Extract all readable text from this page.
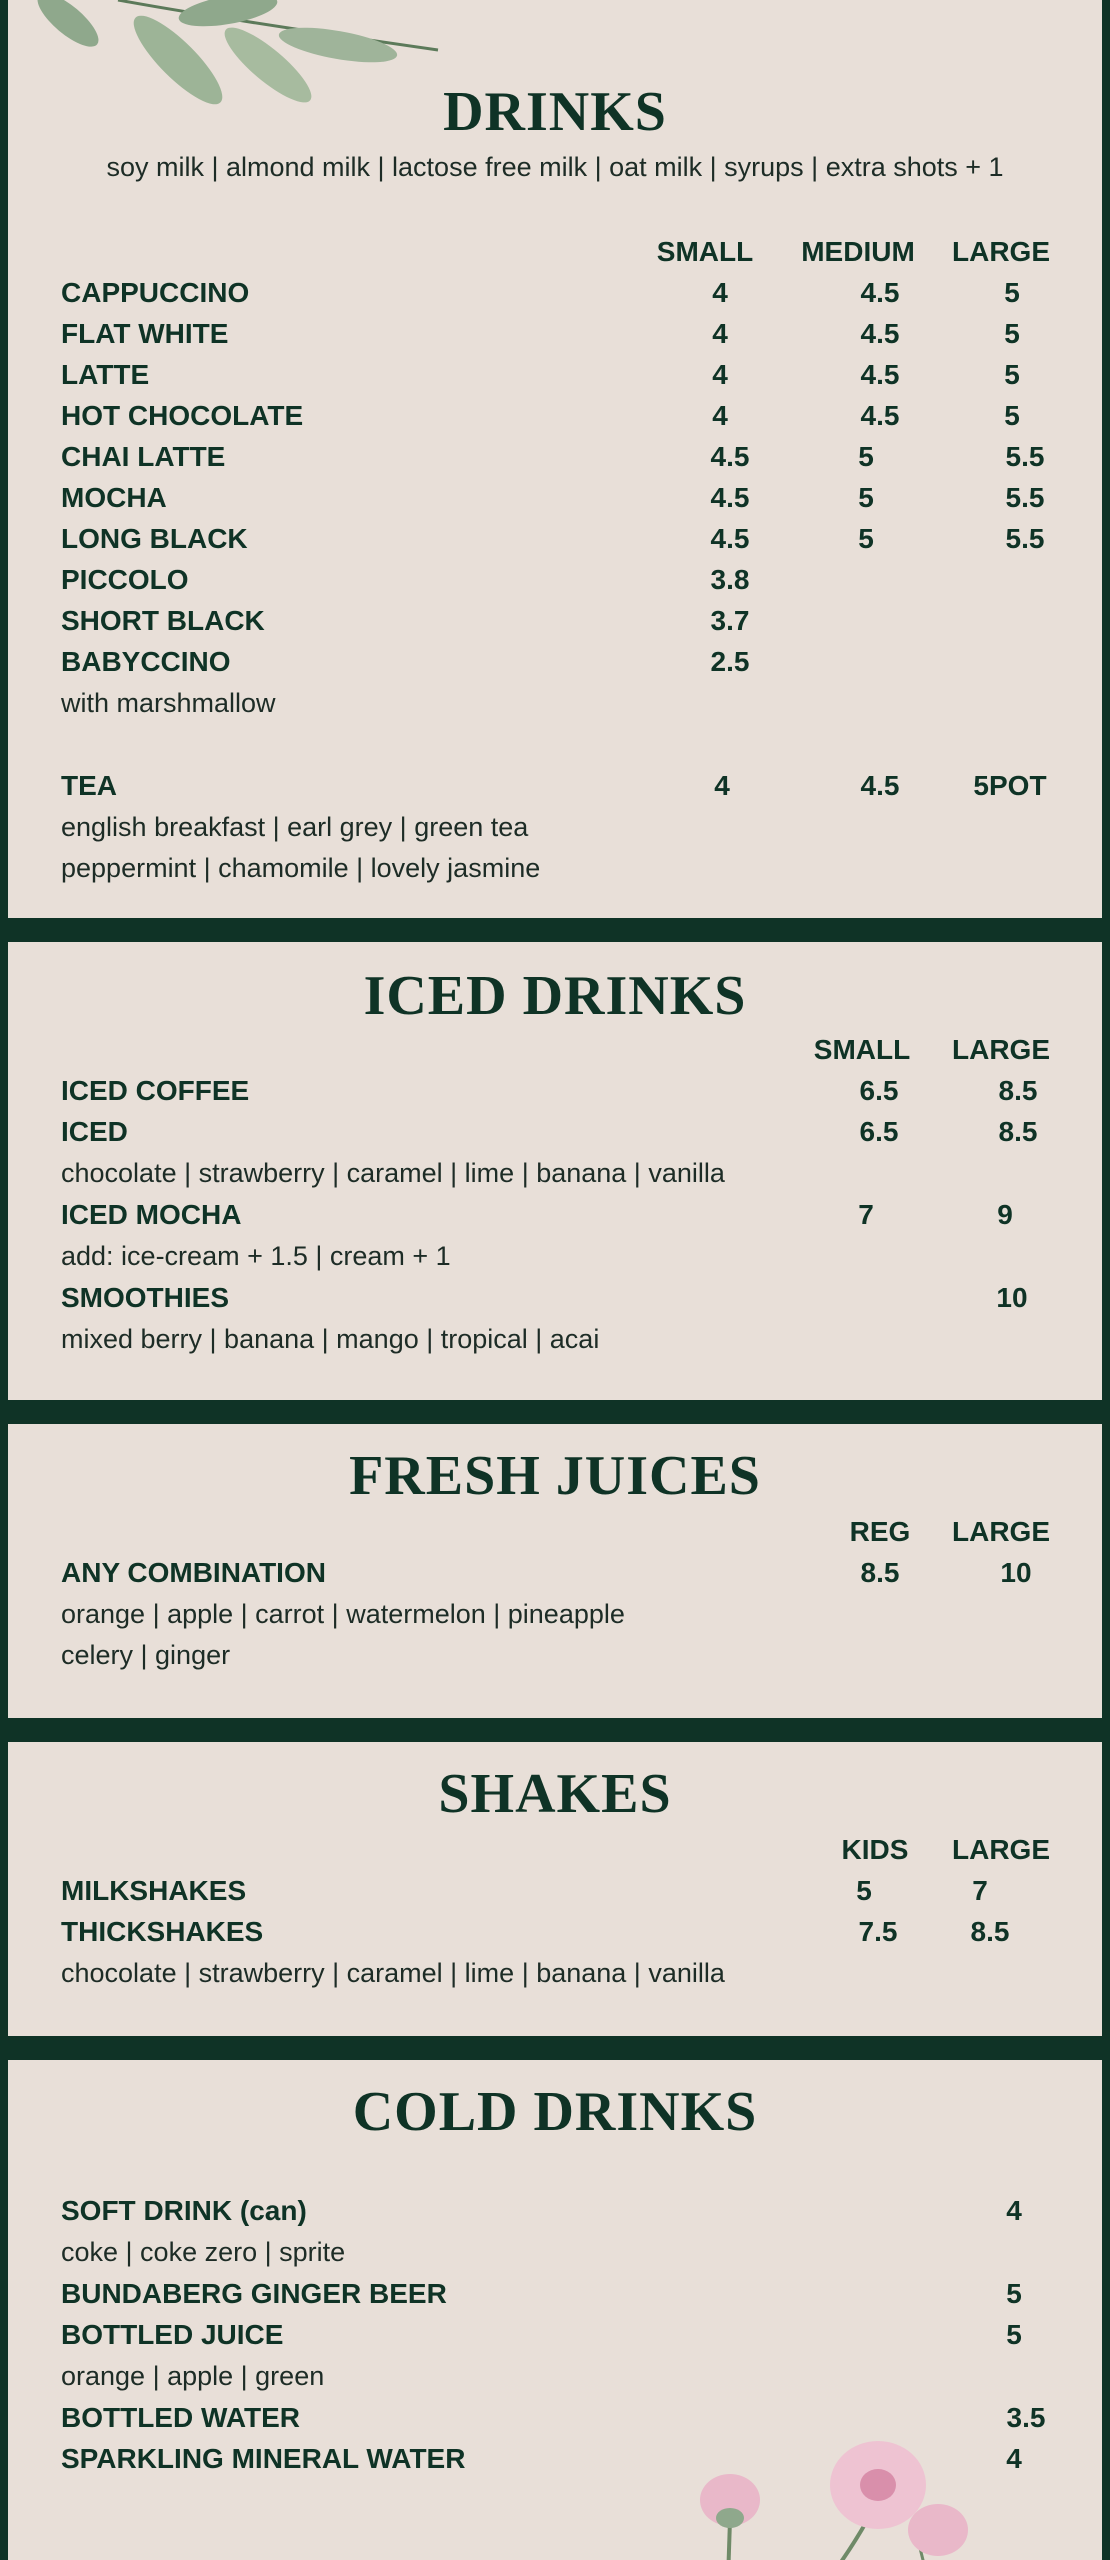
DRINKS
soy milk | almond milk | lactose free milk | oat milk | syrups | extra shots + 1
SMALL MEDIUM LARGE
CAPPUCCINO	4	4.5	5
FLAT WHITE	4	4.5	5
LATTE	4	4.5	5
HOT CHOCOLATE	4	4.5	5
CHAI LATTE	4.5	5	5.5
MOCHA	4.5	5	5.5
LONG BLACK	4.5	5	5.5
PICCOLO	3.8
SHORT BLACK	3.7
BABYCCINO	2.5
with marshmallow
TEA	4	4.5	5POT
english breakfast | earl grey | green tea
peppermint | chamomile | lovely jasmine
ICED DRINKS
SMALL LARGE
ICED COFFEE	6.5	8.5
ICED	6.5	8.5
chocolate | strawberry | caramel | lime | banana | vanilla
ICED MOCHA	7	9
add: ice-cream + 1.5 | cream + 1
SMOOTHIES	10
mixed berry | banana | mango | tropical | acai
FRESH JUICES
REG LARGE
ANY COMBINATION	8.5	10
orange | apple | carrot | watermelon | pineapple
celery | ginger
SHAKES
KIDS LARGE
MILKSHAKES	5	7
THICKSHAKES	7.5	8.5
chocolate | strawberry | caramel | lime | banana | vanilla
COLD DRINKS
SOFT DRINK (can)	4
coke | coke zero | sprite
BUNDABERG GINGER BEER	5
BOTTLED JUICE	5
orange | apple | green
BOTTLED WATER	3.5
SPARKLING MINERAL WATER	4
